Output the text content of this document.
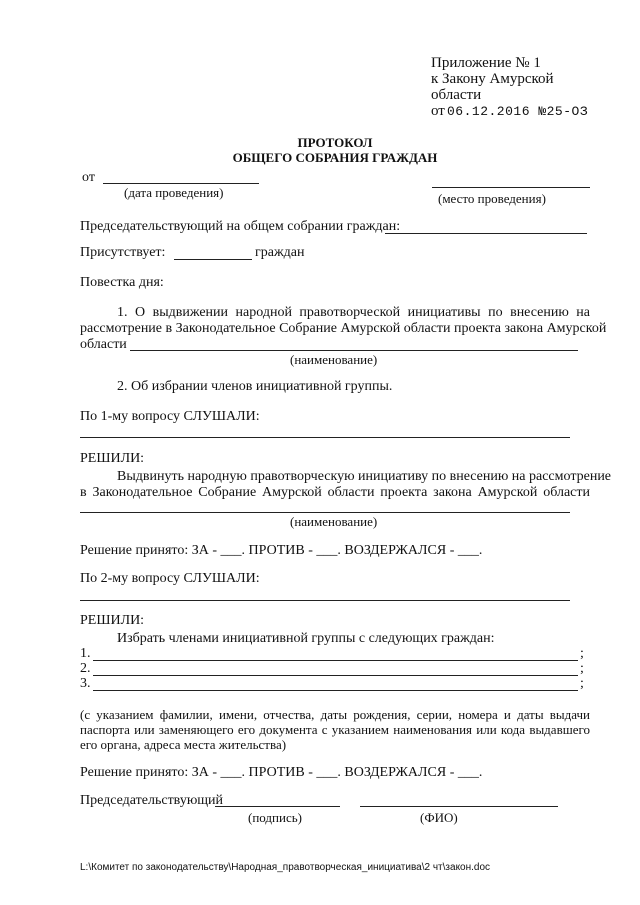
Приложение № 1
к Закону Амурской
области
от 06.12.2016 №25-ОЗ
ПРОТОКОЛ
ОБЩЕГО СОБРАНИЯ ГРАЖДАН
от
(дата проведения)	(место проведения)
Председательствующий на общем собрании граждан:
Присутствует:	граждан
Повестка дня:
1. О выдвижении народной правотворческой инициативы по внесению на
рассмотрение в Законодательное Собрание Амурской области проекта закона Амурской
области
(наименование)
2. Об избрании членов инициативной группы.
По 1-му вопросу СЛУШАЛИ:
РЕШИЛИ:
Выдвинуть народную правотворческую инициативу по внесению на рассмотрение
в Законодательное Собрание Амурской области проекта закона Амурской области
(наименование)
Решение принято: ЗА - ___. ПРОТИВ - ___. ВОЗДЕРЖАЛСЯ - ___.
По 2-му вопросу СЛУШАЛИ:
РЕШИЛИ:
Избрать членами инициативной группы с следующих граждан:
1.	;
2.	;
3.	;
(с указанием фамилии, имени, отчества, даты рождения, серии, номера и даты выдачи
паспорта или заменяющего его документа с указанием наименования или кода выдавшего
его органа, адреса места жительства)
Решение принято: ЗА - ___. ПРОТИВ - ___. ВОЗДЕРЖАЛСЯ - ___.
Председательствующий
(подпись)	(ФИО)
L:\Комитет по законодательству\Народная_правотворческая_инициатива\2 чт\закон.doc
